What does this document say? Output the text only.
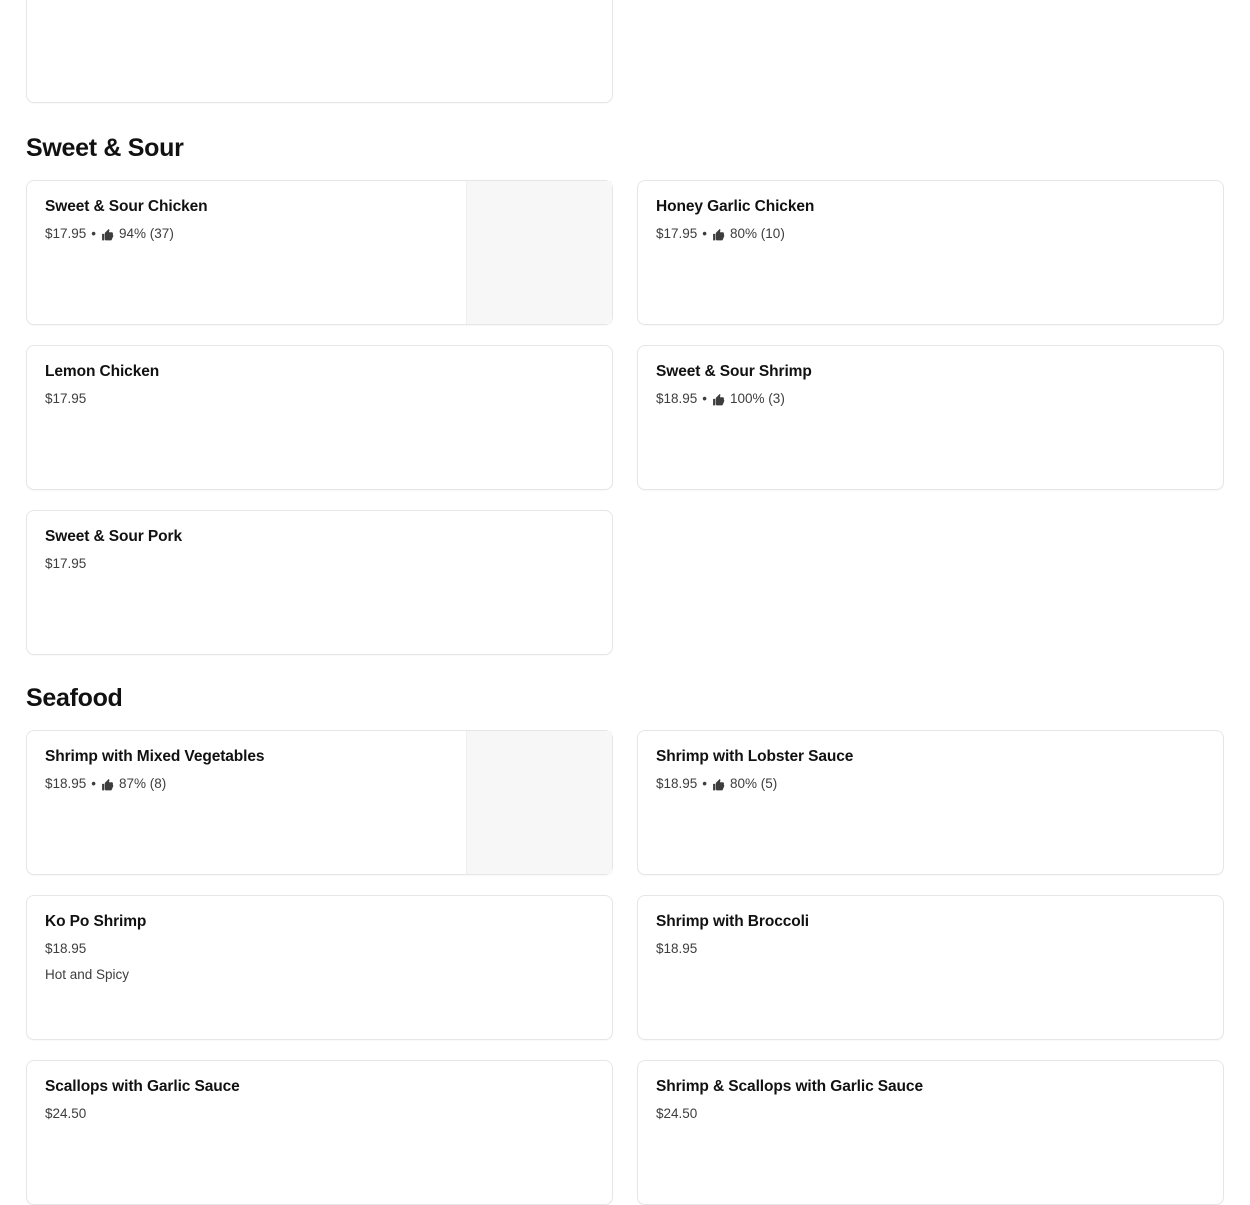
Sweet & Sour
Sweet & Sour Chicken
$17.95 • 94% (37)
Honey Garlic Chicken
$17.95 • 80% (10)
Lemon Chicken
$17.95
Sweet & Sour Shrimp
$18.95 • 100% (3)
Sweet & Sour Pork
$17.95
Seafood
Shrimp with Mixed Vegetables
$18.95 • 87% (8)
Shrimp with Lobster Sauce
$18.95 • 80% (5)
Ko Po Shrimp
$18.95
Hot and Spicy
Shrimp with Broccoli
$18.95
Scallops with Garlic Sauce
$24.50
Shrimp & Scallops with Garlic Sauce
$24.50
